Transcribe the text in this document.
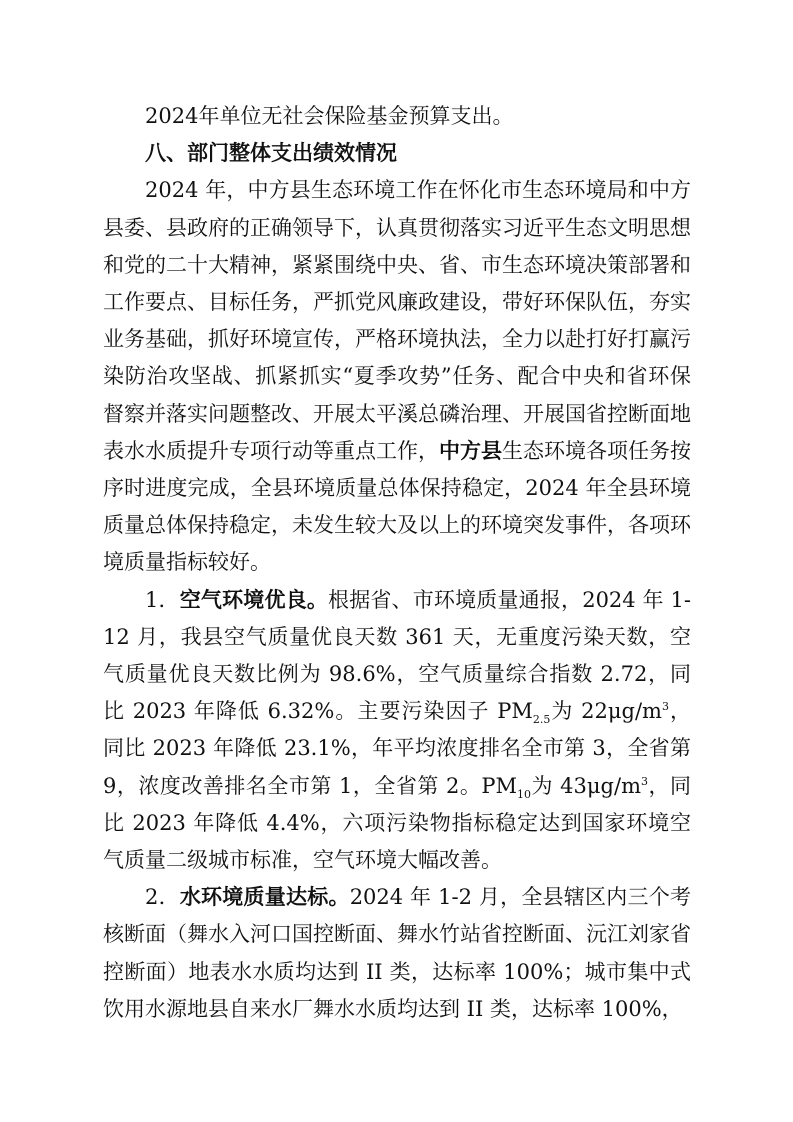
2024年单位无社会保险基金预算支出。

八、部门整体支出绩效情况

2024 年，中方县生态环境工作在怀化市生态环境局和中方县委、县政府的正确领导下，认真贯彻落实习近平生态文明思想和党的二十大精神，紧紧围绕中央、省、市生态环境决策部署和工作要点、目标任务，严抓党风廉政建设，带好环保队伍，夯实业务基础，抓好环境宣传，严格环境执法，全力以赴打好打赢污染防治攻坚战、抓紧抓实“夏季攻势”任务、配合中央和省环保督察并落实问题整改、开展太平溪总磷治理、开展国省控断面地表水水质提升专项行动等重点工作，中方县生态环境各项任务按序时进度完成，全县环境质量总体保持稳定，2024 年全县环境质量总体保持稳定，未发生较大及以上的环境突发事件，各项环境质量指标较好。

1．空气环境优良。根据省、市环境质量通报，2024 年 1-12 月，我县空气质量优良天数 361 天，无重度污染天数，空气质量优良天数比例为 98.6%，空气质量综合指数 2.72，同比 2023 年降低 6.32%。主要污染因子 $PM_{2.5}$为 $22\mu g/m^3$，同比 2023 年降低 23.1%，年平均浓度排名全市第 3，全省第 9，浓度改善排名全市第 1，全省第 2。$PM_{10}$为 $43\mu g/m^3$，同比 2023 年降低 4.4%，六项污染物指标稳定达到国家环境空气质量二级城市标准，空气环境大幅改善。

2．水环境质量达标。2024 年 1-2 月，全县辖区内三个考核断面（舞水入河口国控断面、舞水竹站省控断面、沅江刘家省控断面）地表水水质均达到 II 类，达标率 100%；城市集中式饮用水源地县自来水厂舞水水质均达到 II 类，达标率 100%，
